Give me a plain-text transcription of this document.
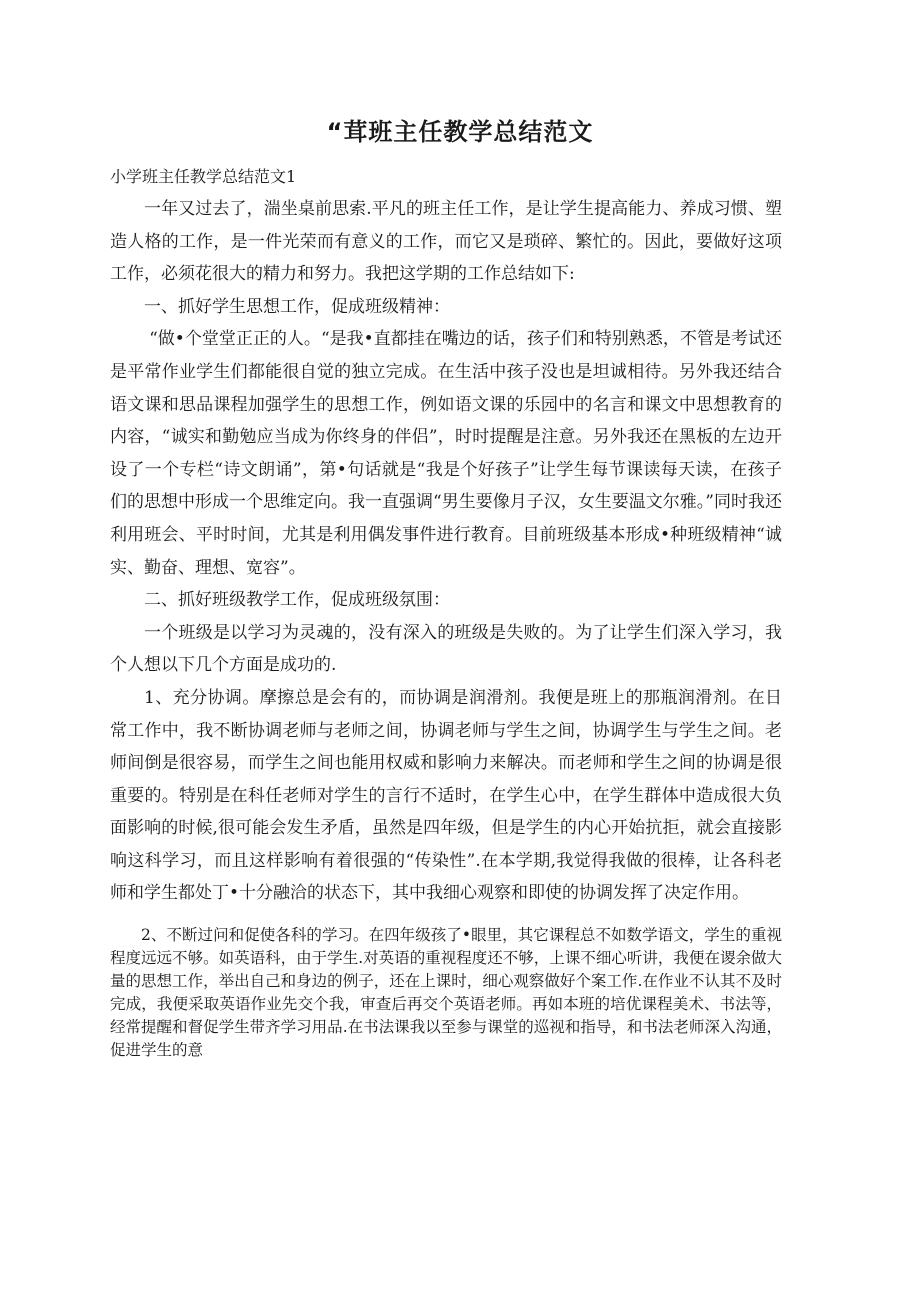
“茸班主任教学总结范文

小学班主任教学总结范文1

一年又过去了，湍坐桌前思索.平凡的班主任工作，是让学生提高能力、养成习惯、塑造人格的工作，是一件光荣而有意义的工作，而它又是琐碎、繁忙的。因此，要做好这项工作，必须花很大的精力和努力。我把这学期的工作总结如下:

一、抓好学生思想工作，促成班级精神：

“做•个堂堂正正的人。“是我•直都挂在嘴边的话，孩子们和特别熟悉，不管是考试还是平常作业学生们都能很自觉的独立完成。在生活中孩子没也是坦诚相待。另外我还结合语文课和思品课程加强学生的思想工作，例如语文课的乐园中的名言和课文中思想教育的内容，“诚实和勤勉应当成为你终身的伴侣”，时时提醒是注意。另外我还在黑板的左边开设了一个专栏“诗文朗诵”，第•句话就是“我是个好孩子”让学生每节课读每天读，在孩子们的思想中形成一个思维定向。我一直强调“男生要像月子汉，女生要温文尔雅。”同时我还利用班会、平时时间，尤其是利用偶发事件进行教育。目前班级基本形成•种班级精神“诚实、勤奋、理想、宽容”。

二、抓好班级教学工作，促成班级氛围：

一个班级是以学习为灵魂的，没有深入的班级是失败的。为了让学生们深入学习，我个人想以下几个方面是成功的.

1、充分协调。摩擦总是会有的，而协调是润滑剂。我便是班上的那瓶润滑剂。在日常工作中，我不断协调老师与老师之间，协调老师与学生之间，协调学生与学生之间。老师间倒是很容易，而学生之间也能用权威和影响力来解决。而老师和学生之间的协调是很重要的。特别是在科任老师对学生的言行不适时，在学生心中，在学生群体中造成很大负面影响的时候,很可能会发生矛盾，虽然是四年级，但是学生的内心开始抗拒，就会直接影响这科学习，而且这样影响有着很强的“传染性”.在本学期,我觉得我做的很棒，让各科老师和学生都处丁•十分融洽的状态下，其中我细心观察和即使的协调发挥了决定作用。

2、不断过问和促使各科的学习。在四年级孩了•眼里，其它课程总不如数学语文，学生的重视程度远远不够。如英语科，由于学生.对英语的重视程度还不够，上课不细心听讲，我便在谡余做大量的思想工作，举出自己和身边的例子，还在上课时，细心观察做好个案工作.在作业不认其不及时完成，我便采取英语作业先交个我，审查后再交个英语老师。再如本班的培优课程美术、书法等，经常提醒和督促学生带齐学习用品.在书法课我以至参与课堂的巡视和指导，和书法老师深入沟通，促进学生的意
